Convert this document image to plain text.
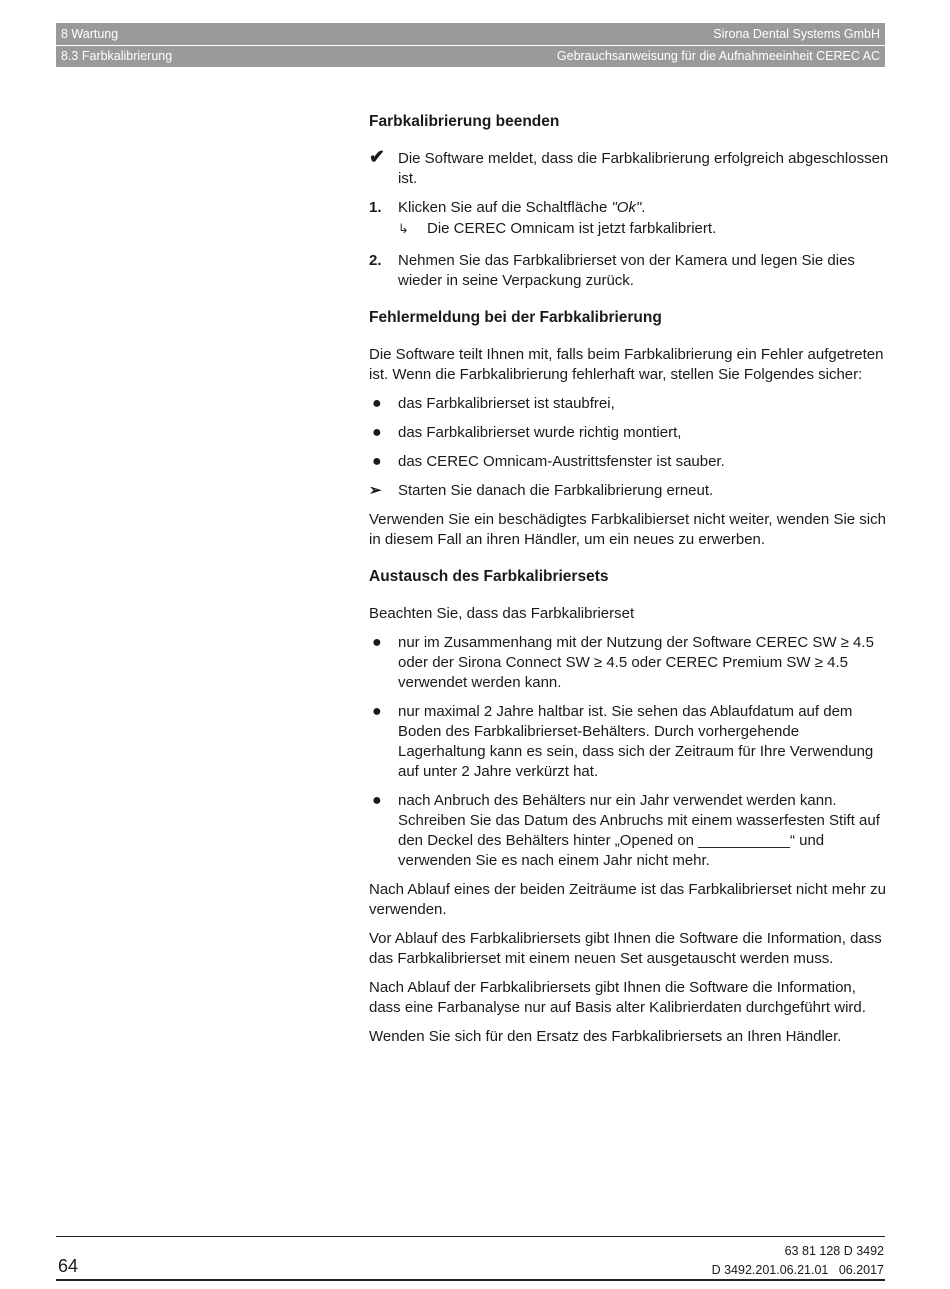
8 Wartung	Sirona Dental Systems GmbH
8.3 Farbkalibrierung	Gebrauchsanweisung für die Aufnahmeeinheit CEREC AC
Farbkalibrierung beenden
✔ Die Software meldet, dass die Farbkalibrierung erfolgreich abgeschlossen ist.
1.	Klicken Sie auf die Schaltfläche "Ok".
↳ Die CEREC Omnicam ist jetzt farbkalibriert.
2.	Nehmen Sie das Farbkalibrierset von der Kamera und legen Sie dies wieder in seine Verpackung zurück.
Fehlermeldung bei der Farbkalibrierung

Die Software teilt Ihnen mit, falls beim Farbkalibrierung ein Fehler aufgetreten ist. Wenn die Farbkalibrierung fehlerhaft war, stellen Sie Folgendes sicher:

●	das Farbkalibrierset ist staubfrei,
●	das Farbkalibrierset wurde richtig montiert,
●	das CEREC Omnicam-Austrittsfenster ist sauber.
➢	Starten Sie danach die Farbkalibrierung erneut.

Verwenden Sie ein beschädigtes Farbkalibierset nicht weiter, wenden Sie sich in diesem Fall an ihren Händler, um ein neues zu erwerben.

Austausch des Farbkalibriersets

Beachten Sie, dass das Farbkalibrierset

●	nur im Zusammenhang mit der Nutzung der Software CEREC SW ≥ 4.5 oder der Sirona Connect SW ≥ 4.5 oder CEREC Premium SW ≥ 4.5 verwendet werden kann.
●	nur maximal 2 Jahre haltbar ist. Sie sehen das Ablaufdatum auf dem Boden des Farbkalibrierset-Behälters. Durch vorhergehende Lagerhaltung kann es sein, dass sich der Zeitraum für Ihre Verwendung auf unter 2 Jahre verkürzt hat.
●	nach Anbruch des Behälters nur ein Jahr verwendet werden kann. Schreiben Sie das Datum des Anbruchs mit einem wasserfesten Stift auf den Deckel des Behälters hinter „Opened on ___________“ und verwenden Sie es nach einem Jahr nicht mehr.

Nach Ablauf eines der beiden Zeiträume ist das Farbkalibrierset nicht mehr zu verwenden.

Vor Ablauf des Farbkalibriersets gibt Ihnen die Software die Information, dass das Farbkalibrierset mit einem neuen Set ausgetauscht werden muss.

Nach Ablauf der Farbkalibriersets gibt Ihnen die Software die Information, dass eine Farbanalyse nur auf Basis alter Kalibrierdaten durchgeführt wird.

Wenden Sie sich für den Ersatz des Farbkalibriersets an Ihren Händler.

64
63 81 128 D 3492
D 3492.201.06.21.01 06.2017
